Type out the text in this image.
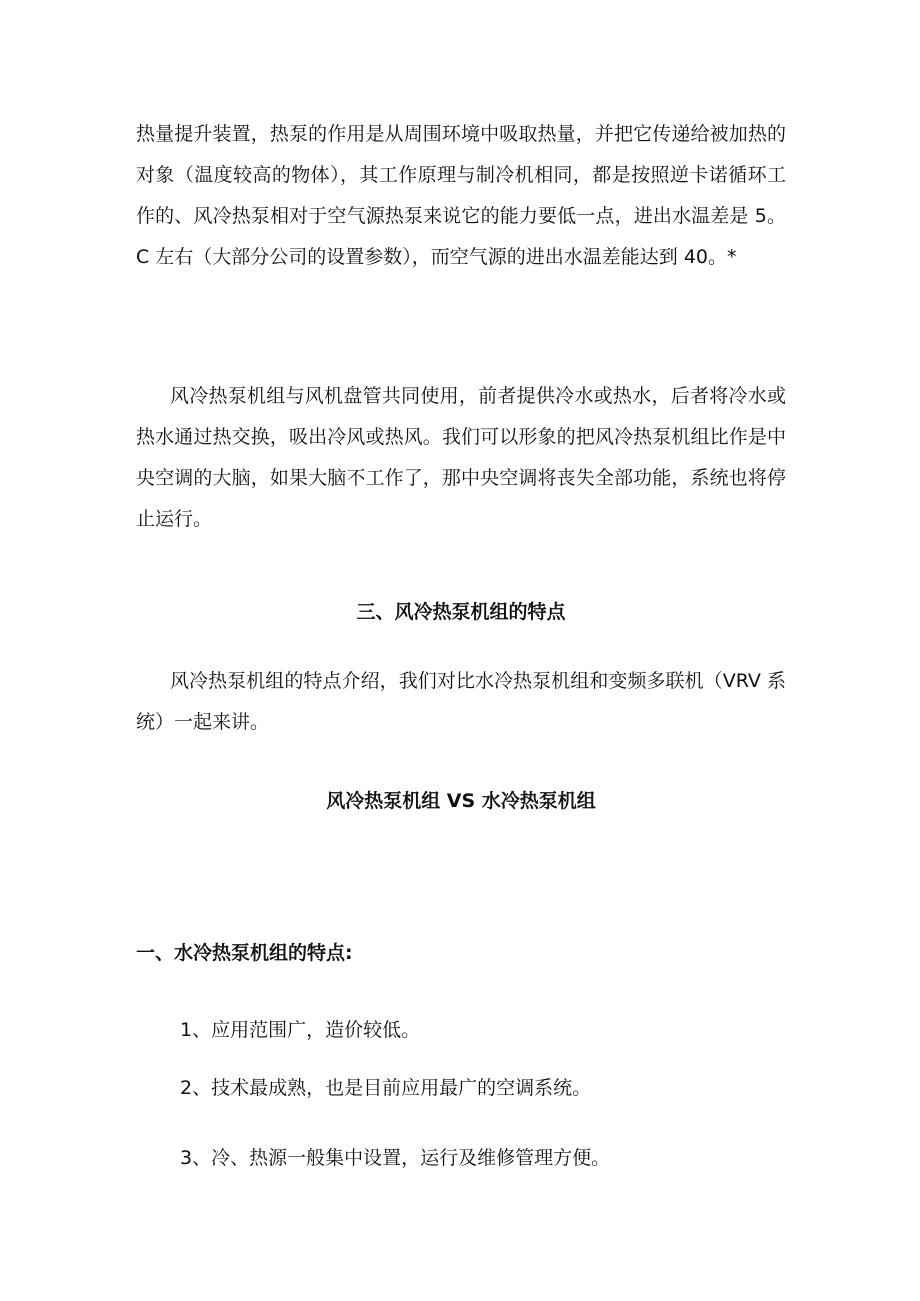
热量提升装置，热泵的作用是从周围环境中吸取热量，并把它传递给被加热的对象（温度较高的物体），其工作原理与制冷机相同，都是按照逆卡诺循环工作的、风冷热泵相对于空气源热泵来说它的能力要低一点，进出水温差是 5。C 左右（大部分公司的设置参数），而空气源的进出水温差能达到 40。*

风冷热泵机组与风机盘管共同使用，前者提供冷水或热水，后者将冷水或热水通过热交换，吸出冷风或热风。我们可以形象的把风冷热泵机组比作是中央空调的大脑，如果大脑不工作了，那中央空调将丧失全部功能，系统也将停止运行。

三、风冷热泵机组的特点

风冷热泵机组的特点介绍，我们对比水冷热泵机组和变频多联机（VRV 系统）一起来讲。

风冷热泵机组 VS 水冷热泵机组
一、水冷热泵机组的特点:

1、应用范围广，造价较低。

2、技术最成熟，也是目前应用最广的空调系统。

3、冷、热源一般集中设置，运行及维修管理方便。
